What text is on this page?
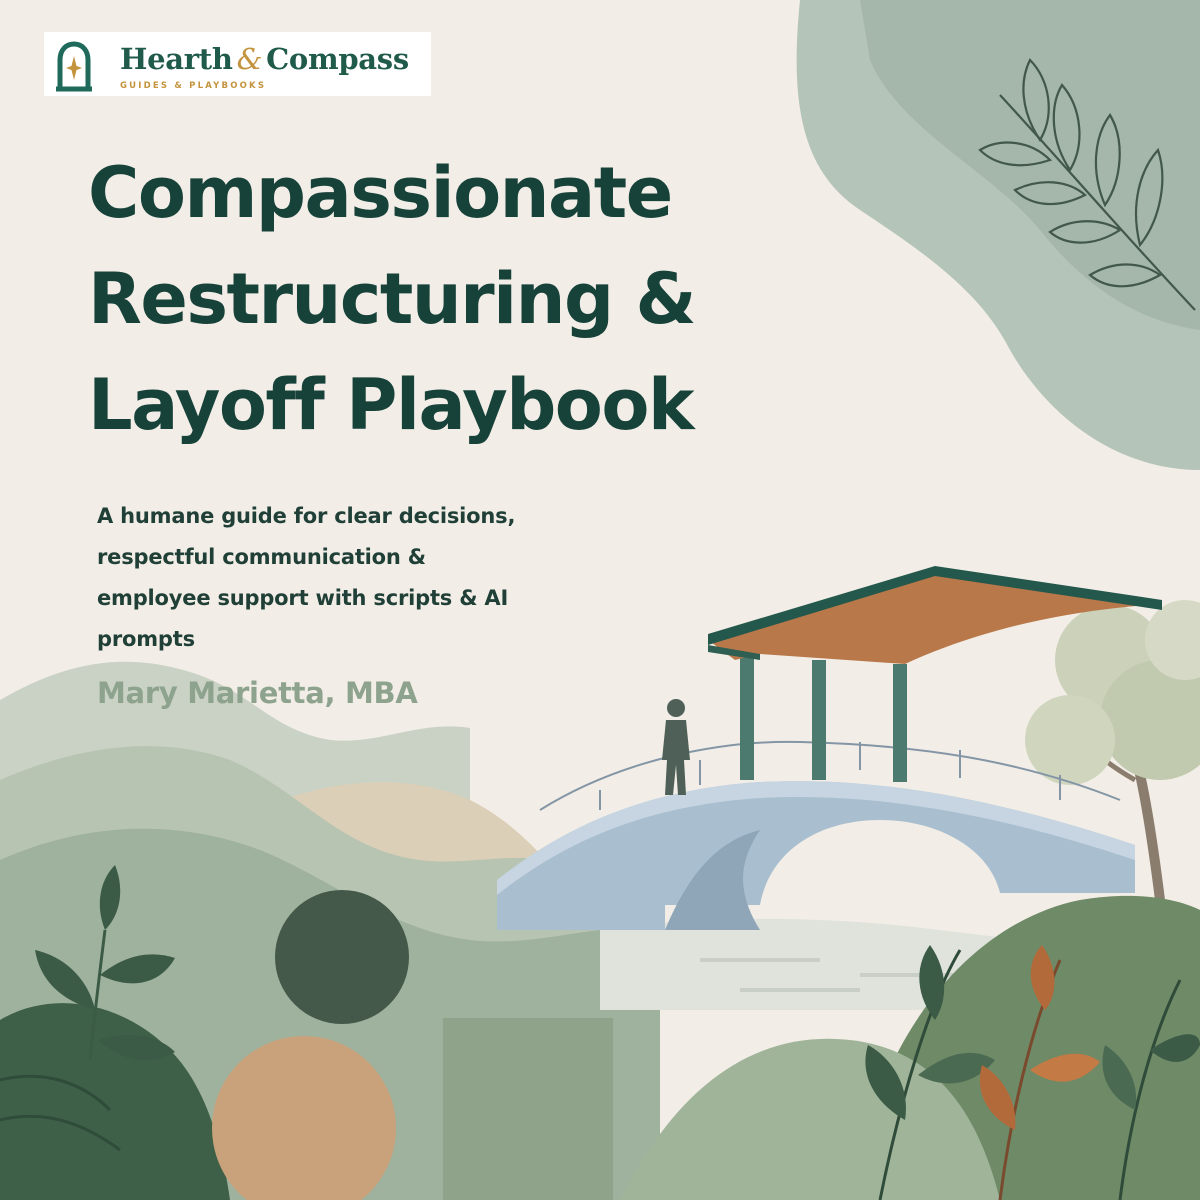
Hearth & Compass
GUIDES & PLAYBOOKS
Compassionate
Restructuring &
Layoff Playbook

A humane guide for clear decisions,
respectful communication &
employee support with scripts & AI
prompts

Mary Marietta, MBA
